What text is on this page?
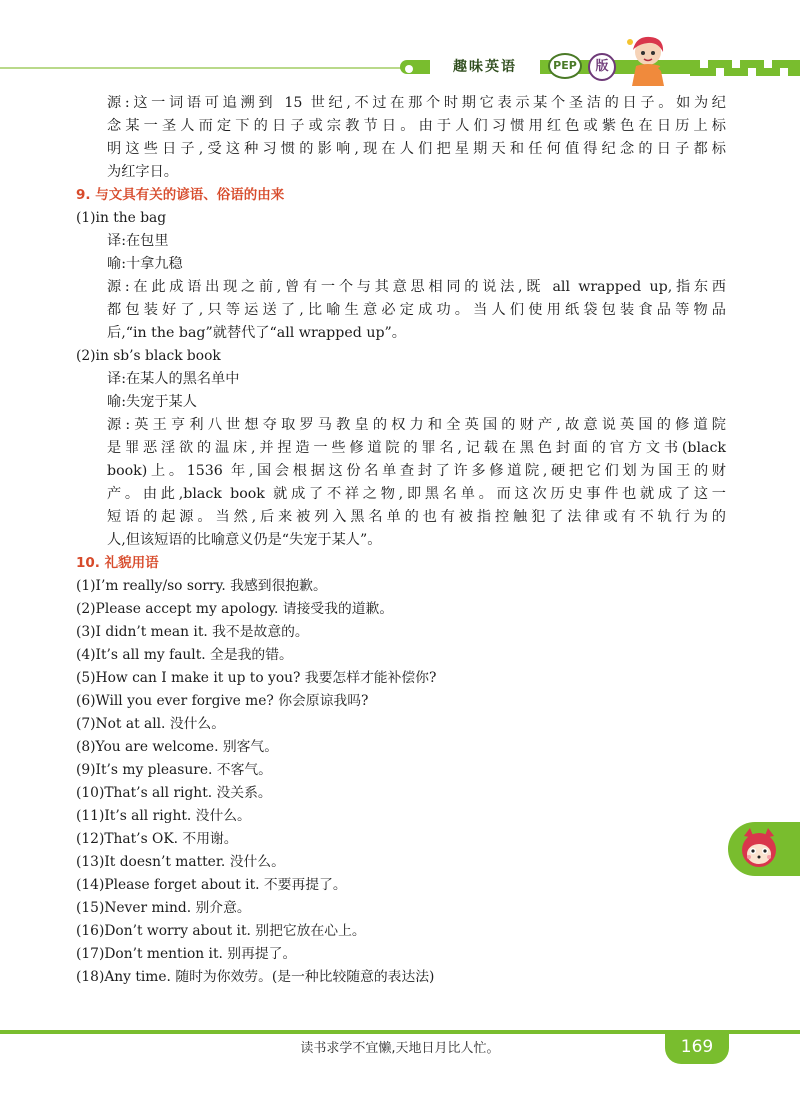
趣味英语	PEP	版
源:这一词语可追溯到 15 世纪,不过在那个时期它表示某个圣洁的日子。如为纪
念某一圣人而定下的日子或宗教节日。由于人们习惯用红色或紫色在日历上标
明这些日子,受这种习惯的影响,现在人们把星期天和任何值得纪念的日子都标
为红字日。
9. 与文具有关的谚语、俗语的由来
(1)in the bag
译:在包里
喻:十拿九稳
源:在此成语出现之前,曾有一个与其意思相同的说法,既 all wrapped up,指东西
都包装好了,只等运送了,比喻生意必定成功。当人们使用纸袋包装食品等物品
后,“in the bag”就替代了“all wrapped up”。
(2)in sb’s black book
译:在某人的黑名单中
喻:失宠于某人
源:英王亨利八世想夺取罗马教皇的权力和全英国的财产,故意说英国的修道院
是罪恶淫欲的温床,并捏造一些修道院的罪名,记载在黑色封面的官方文书(black
book)上。1536 年,国会根据这份名单查封了许多修道院,硬把它们划为国王的财
产。由此,black book 就成了不祥之物,即黑名单。而这次历史事件也就成了这一
短语的起源。当然,后来被列入黑名单的也有被指控触犯了法律或有不轨行为的
人,但该短语的比喻意义仍是“失宠于某人”。
10. 礼貌用语
(1)I’m really/so sorry. 我感到很抱歉。
(2)Please accept my apology. 请接受我的道歉。
(3)I didn’t mean it. 我不是故意的。
(4)It’s all my fault. 全是我的错。
(5)How can I make it up to you? 我要怎样才能补偿你?
(6)Will you ever forgive me? 你会原谅我吗?
(7)Not at all. 没什么。
(8)You are welcome. 别客气。
(9)It’s my pleasure. 不客气。
(10)That’s all right. 没关系。
(11)It’s all right. 没什么。
(12)That’s OK. 不用谢。
(13)It doesn’t matter. 没什么。
(14)Please forget about it. 不要再提了。
(15)Never mind. 别介意。
(16)Don’t worry about it. 别把它放在心上。
(17)Don’t mention it. 别再提了。
(18)Any time. 随时为你效劳。(是一种比较随意的表达法)
读书求学不宜懒,天地日月比人忙。	169
